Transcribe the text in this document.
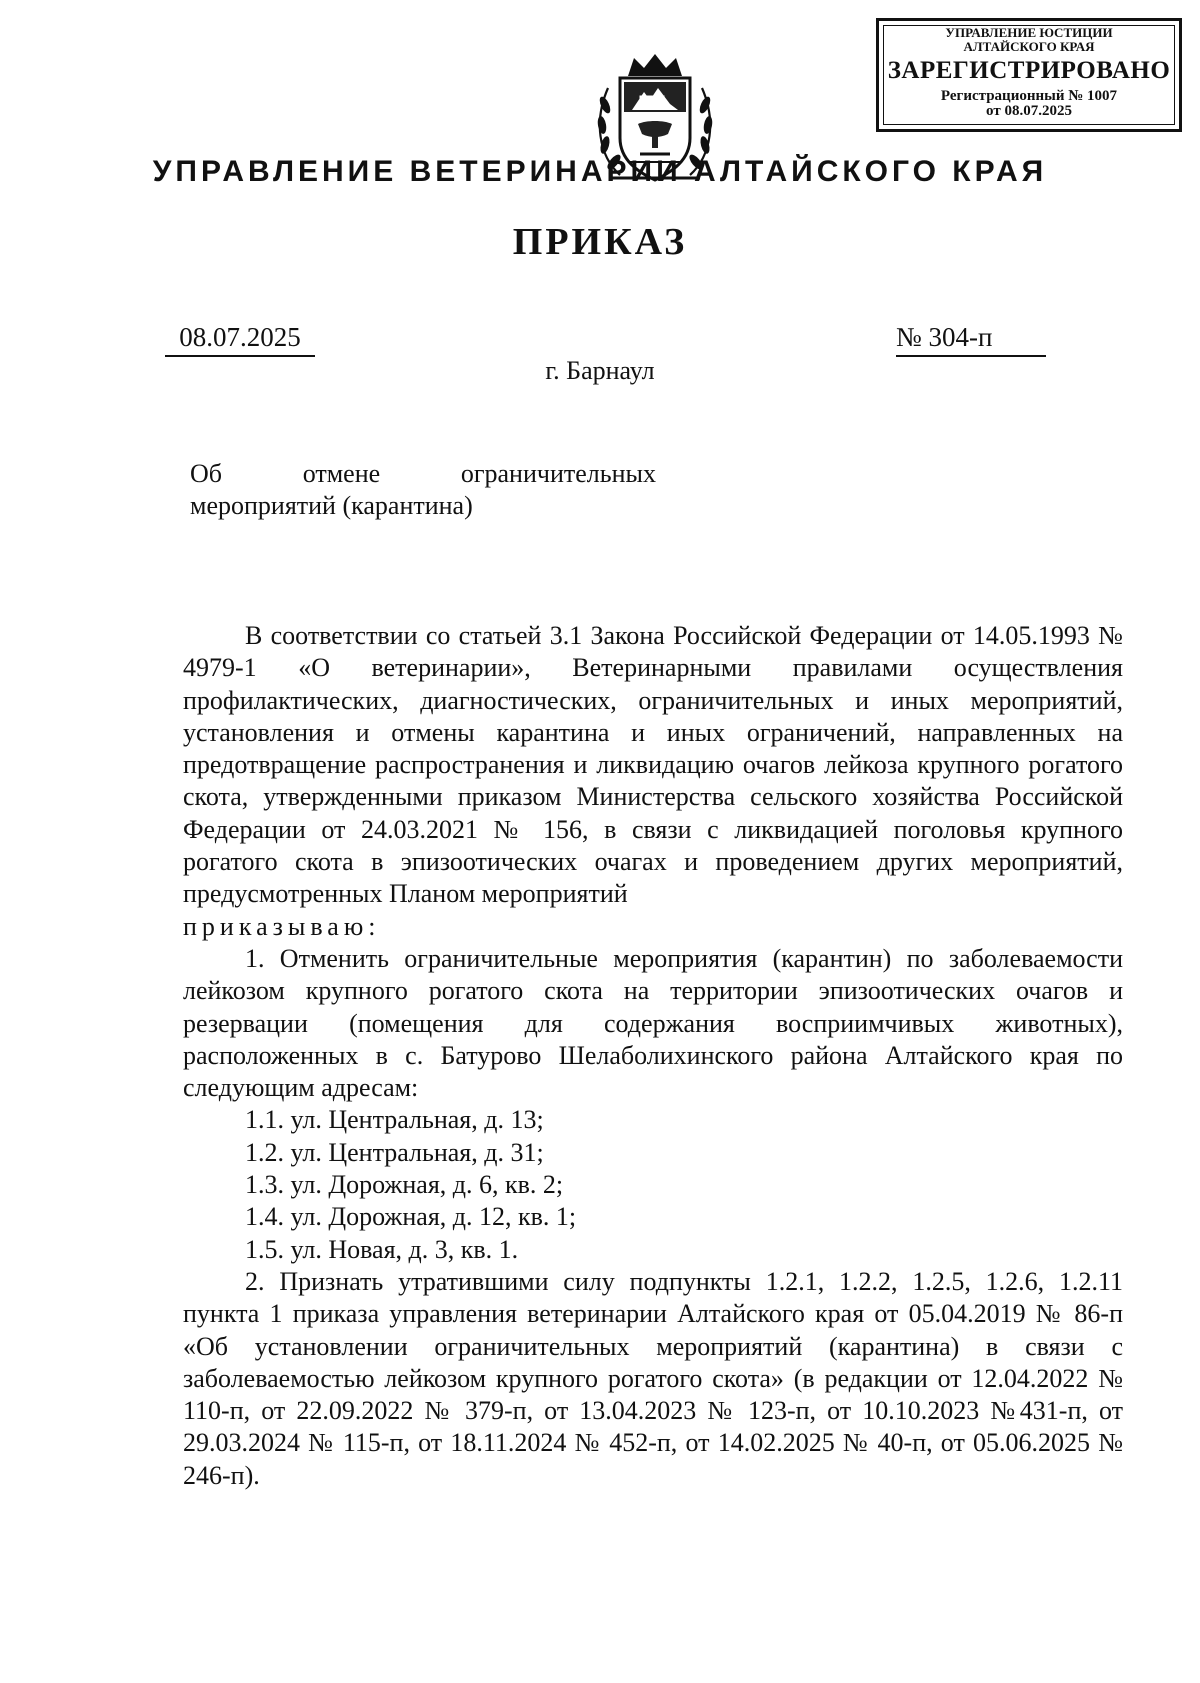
УПРАВЛЕНИЕ ЮСТИЦИИ
АЛТАЙСКОГО КРАЯ
ЗАРЕГИСТРИРОВАНО
Регистрационный № 1007
от 08.07.2025
УПРАВЛЕНИЕ ВЕТЕРИНАРИИ АЛТАЙСКОГО КРАЯ
ПРИКАЗ
08.07.2025	№ 304-п
г. Барнаул
Об отмене ограничительных мероприятий (карантина)

В соответствии со статьей 3.1 Закона Российской Федерации от 14.05.1993 № 4979-1 «О ветеринарии», Ветеринарными правилами осуществления профилактических, диагностических, ограничительных и иных мероприятий, установления и отмены карантина и иных ограничений, направленных на предотвращение распространения и ликвидацию очагов лейкоза крупного рогатого скота, утвержденными приказом Министерства сельского хозяйства Российской Федерации от 24.03.2021 № 156, в связи с ликвидацией поголовья крупного рогатого скота в эпизоотических очагах и проведением других мероприятий, предусмотренных Планом мероприятий

приказываю:

1. Отменить ограничительные мероприятия (карантин) по заболеваемости лейкозом крупного рогатого скота на территории эпизоотических очагов и резервации (помещения для содержания восприимчивых животных), расположенных в с. Батурово Шелаболихинского района Алтайского края по следующим адресам:

1.1. ул. Центральная, д. 13;

1.2. ул. Центральная, д. 31;

1.3. ул. Дорожная, д. 6, кв. 2;

1.4. ул. Дорожная, д. 12, кв. 1;

1.5. ул. Новая, д. 3, кв. 1.

2. Признать утратившими силу подпункты 1.2.1, 1.2.2, 1.2.5, 1.2.6, 1.2.11 пункта 1 приказа управления ветеринарии Алтайского края от 05.04.2019 № 86-п «Об установлении ограничительных мероприятий (карантина) в связи с заболеваемостью лейкозом крупного рогатого скота» (в редакции от 12.04.2022 № 110-п, от 22.09.2022 № 379-п, от 13.04.2023 № 123-п, от 10.10.2023 №431-п, от 29.03.2024 № 115-п, от 18.11.2024 № 452-п, от 14.02.2025 № 40-п, от 05.06.2025 № 246-п).
